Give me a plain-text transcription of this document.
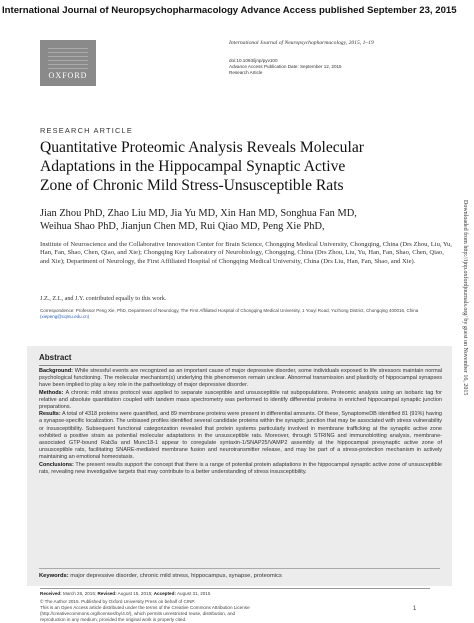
International Journal of Neuropsychopharmacology Advance Access published September 23, 2015
OXFORD
International Journal of Neuropsychopharmacology, 2015, 1–19
doi:10.1093/ijnp/pyv100
Advance Access Publication Date: September 12, 2015
Research Article
RESEARCH ARTICLE
Quantitative Proteomic Analysis Reveals Molecular
Adaptations in the Hippocampal Synaptic Active
Zone of Chronic Mild Stress-Unsusceptible Rats
Jian Zhou PhD, Zhao Liu MD, Jia Yu MD, Xin Han MD, Songhua Fan MD,
Weihua Shao PhD, Jianjun Chen MD, Rui Qiao MD, Peng Xie PhD,
Institute of Neuroscience and the Collaborative Innovation Center for Brain Science, Chongqing Medical University, Chongqing, China (Drs Zhou, Liu, Yu, Han, Fan, Shao, Chen, Qiao, and Xie); Chongqing Key Laboratory of Neurobiology, Chongqing, China (Drs Zhou, Liu, Yu, Han, Fan, Shao, Chen, Qiao, and Xie); Department of Neurology, the First Affiliated Hospital of Chongqing Medical University, China (Drs Liu, Han, Fan, Shao, and Xie).
J.Z., Z.L, and J.Y. contributed equally to this work.
Correspondence: Professor Peng Xie, PhD, Department of Neurology, The First Affiliated Hospital of Chongqing Medical University, 1 Youyi Road, Yuzhong District, Chongqing 400016, China (xiepeng@cqmu.edu.cn)
Abstract

Background: While stressful events are recognized as an important cause of major depressive disorder, some individuals exposed to life stressors maintain normal psychological functioning. The molecular mechanism(s) underlying this phenomenon remain unclear. Abnormal transmission and plasticity of hippocampal synapses have been implied to play a key role in the pathoetiology of major depressive disorder.

Methods: A chronic mild stress protocol was applied to separate susceptible and unsusceptible rat subpopulations. Proteomic analysis using an isobaric tag for relative and absolute quantitation coupled with tandem mass spectrometry was performed to identify differential proteins in enriched hippocampal synaptic junction preparations.

Results: A total of 4318 proteins were quantified, and 89 membrane proteins were present in differential amounts. Of these, SynaptomeDB identified 81 (91%) having a synapse-specific localization. The unbiased profiles identified several candidate proteins within the synaptic junction that may be associated with stress vulnerability or insusceptibility. Subsequent functional categorization revealed that protein systems particularly involved in membrane trafficking at the synaptic active zone exhibited a positive strain as potential molecular adaptations in the unsusceptible rats. Moreover, through STRING and immunoblotting analysis, membrane-associated GTP-bound Rab3a and Munc18-1 appear to coregulate syntaxin-1/SNAP25/VAMP2 assembly at the hippocampal presynaptic active zone of unsusceptible rats, facilitating SNARE-mediated membrane fusion and neurotransmitter release, and may be part of a stress-protection mechanism in actively maintaining an emotional homeostasis.

Conclusions: The present results support the concept that there is a range of potential protein adaptations in the hippocampal synaptic active zone of unsusceptible rats, revealing new investigative targets that may contribute to a better understanding of stress insusceptibility.

Keywords: major depressive disorder, chronic mild stress, hippocampus, synapse, proteomics
Received: March 26, 2015; Revised: August 15, 2015; Accepted: August 31, 2015
© The Author 2015. Published by Oxford University Press on behalf of CINP.
This is an Open Access article distributed under the terms of the Creative Commons Attribution License
(http://creativecommons.org/licenses/by/4.0/), which permits unrestricted reuse, distribution, and
reproduction in any medium, provided the original work is properly cited.
1
Downloaded from http://ijnp.oxfordjournals.org/ by guest on November 16, 2015
